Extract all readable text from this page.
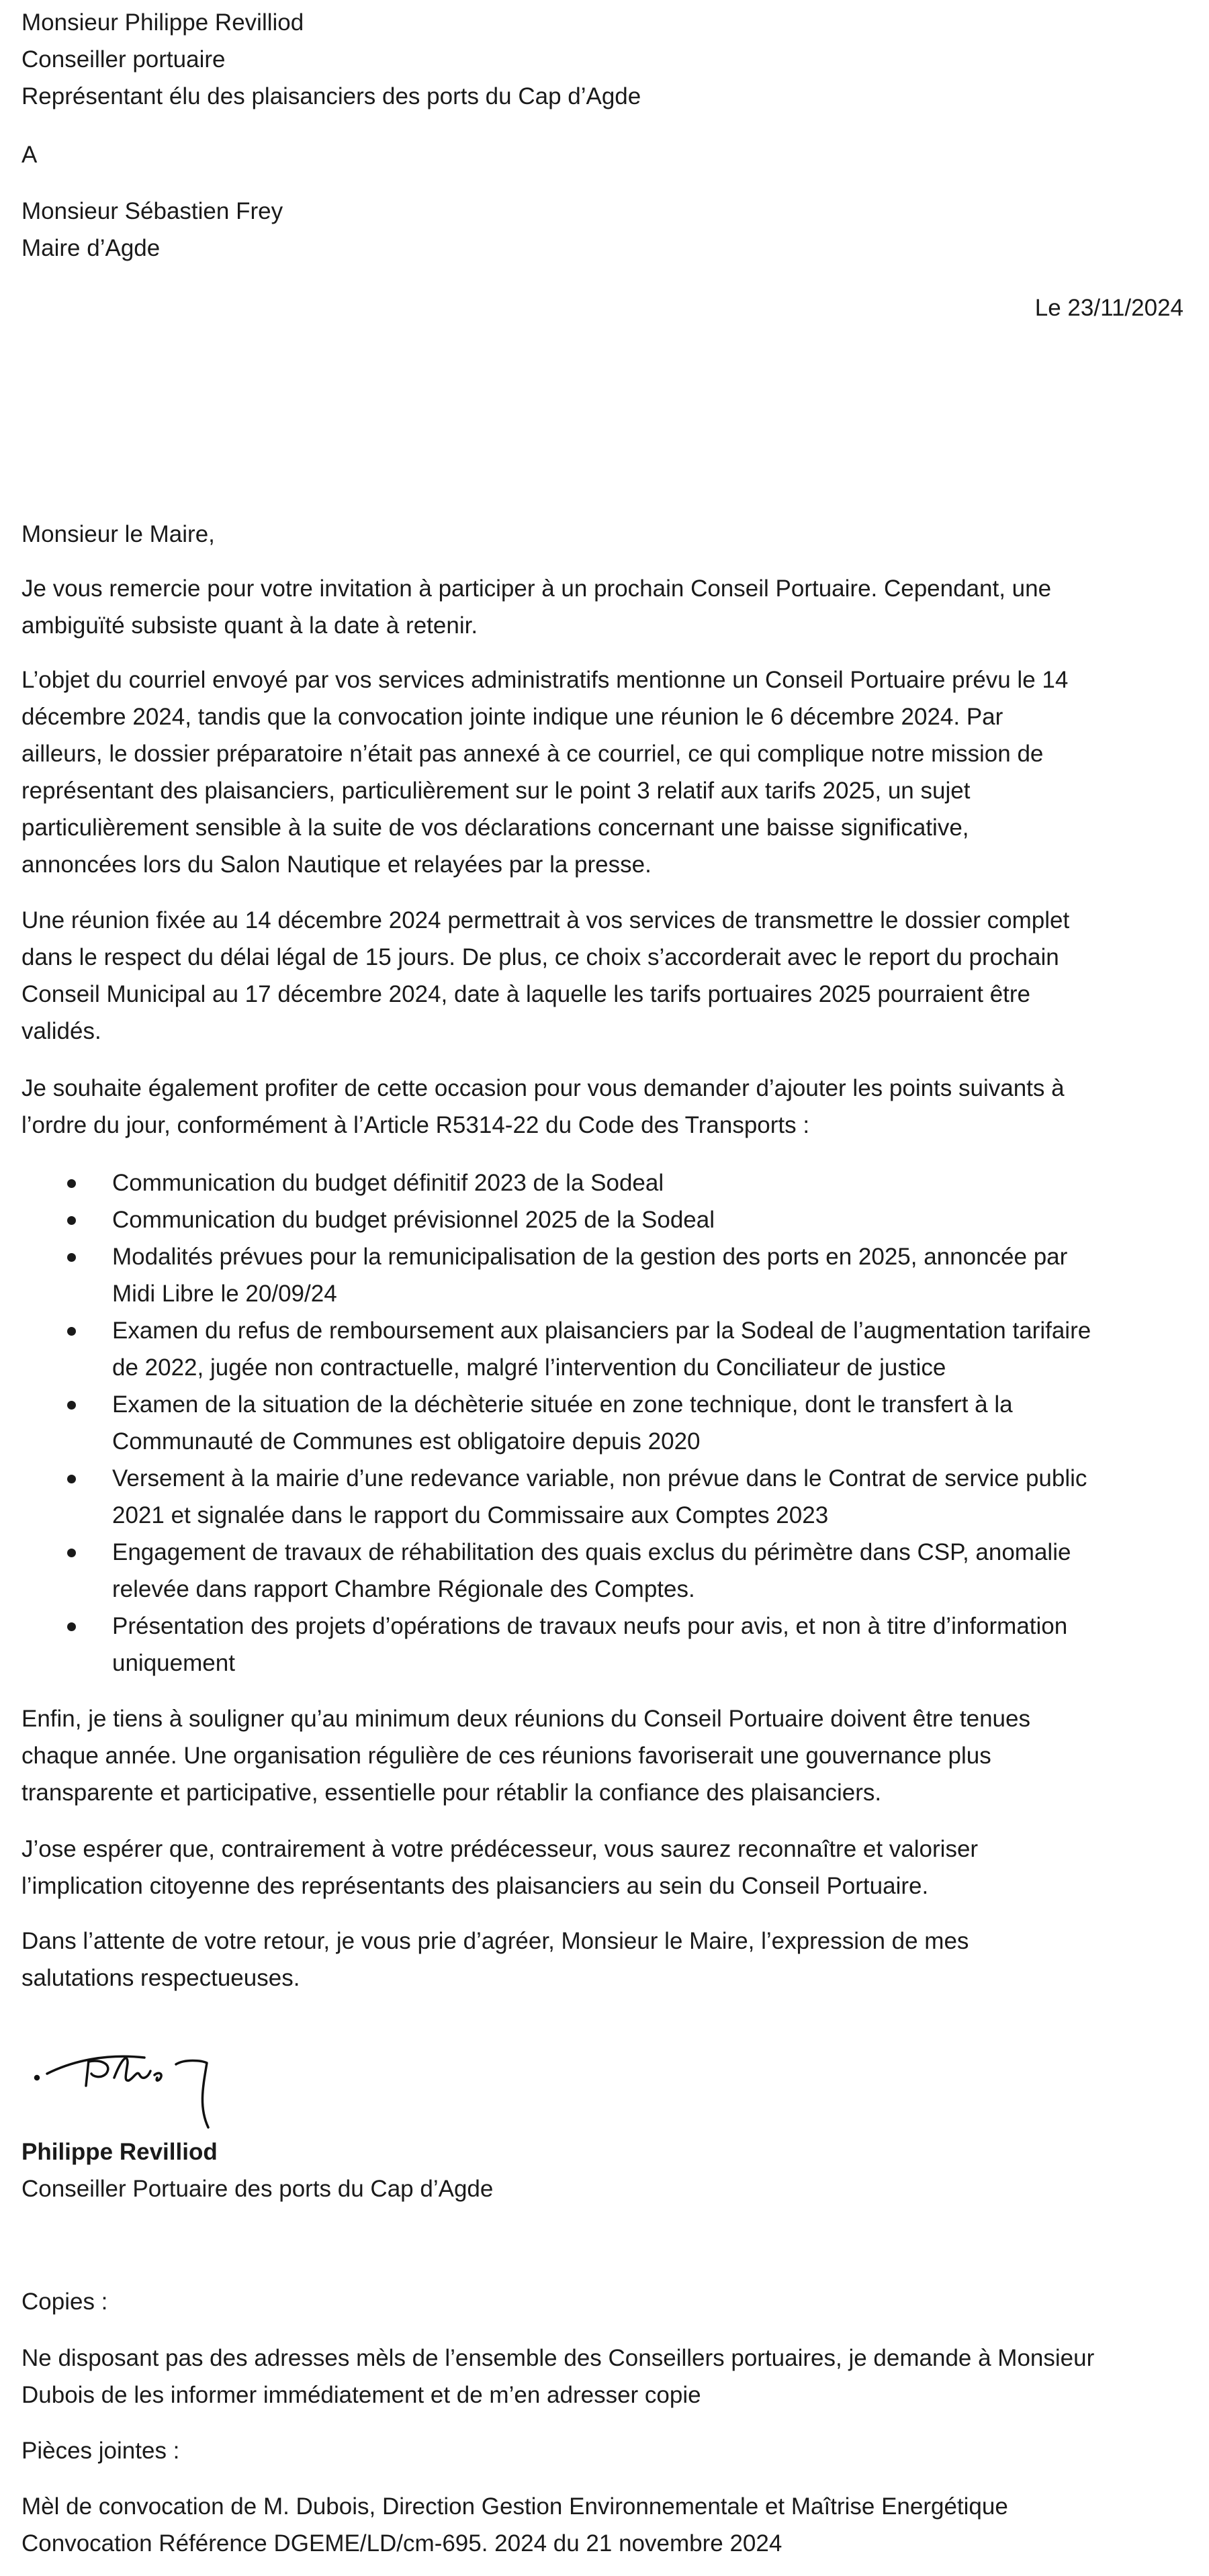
Monsieur Philippe Revilliod
Conseiller portuaire
Représentant élu des plaisanciers des ports du Cap d’Agde
A
Monsieur Sébastien Frey
Maire d’Agde
Le 23/11/2024
Monsieur le Maire,
Je vous remercie pour votre invitation à participer à un prochain Conseil Portuaire. Cependant, une
ambiguïté subsiste quant à la date à retenir.
L’objet du courriel envoyé par vos services administratifs mentionne un Conseil Portuaire prévu le 14
décembre 2024, tandis que la convocation jointe indique une réunion le 6 décembre 2024. Par
ailleurs, le dossier préparatoire n’était pas annexé à ce courriel, ce qui complique notre mission de
représentant des plaisanciers, particulièrement sur le point 3 relatif aux tarifs 2025, un sujet
particulièrement sensible à la suite de vos déclarations concernant une baisse significative,
annoncées lors du Salon Nautique et relayées par la presse.
Une réunion fixée au 14 décembre 2024 permettrait à vos services de transmettre le dossier complet
dans le respect du délai légal de 15 jours. De plus, ce choix s’accorderait avec le report du prochain
Conseil Municipal au 17 décembre 2024, date à laquelle les tarifs portuaires 2025 pourraient être
validés.
Je souhaite également profiter de cette occasion pour vous demander d’ajouter les points suivants à
l’ordre du jour, conformément à l’Article R5314-22 du Code des Transports :
Communication du budget définitif 2023 de la Sodeal
Communication du budget prévisionnel 2025 de la Sodeal
Modalités prévues pour la remunicipalisation de la gestion des ports en 2025, annoncée par
Midi Libre le 20/09/24
Examen du refus de remboursement aux plaisanciers par la Sodeal de l’augmentation tarifaire
de 2022, jugée non contractuelle, malgré l’intervention du Conciliateur de justice
Examen de la situation de la déchèterie située en zone technique, dont le transfert à la
Communauté de Communes est obligatoire depuis 2020
Versement à la mairie d’une redevance variable, non prévue dans le Contrat de service public
2021 et signalée dans le rapport du Commissaire aux Comptes 2023
Engagement de travaux de réhabilitation des quais exclus du périmètre dans CSP, anomalie
relevée dans rapport Chambre Régionale des Comptes.
Présentation des projets d’opérations de travaux neufs pour avis, et non à titre d’information
uniquement
Enfin, je tiens à souligner qu’au minimum deux réunions du Conseil Portuaire doivent être tenues
chaque année. Une organisation régulière de ces réunions favoriserait une gouvernance plus
transparente et participative, essentielle pour rétablir la confiance des plaisanciers.
J’ose espérer que, contrairement à votre prédécesseur, vous saurez reconnaître et valoriser
l’implication citoyenne des représentants des plaisanciers au sein du Conseil Portuaire.
Dans l’attente de votre retour, je vous prie d’agréer, Monsieur le Maire, l’expression de mes
salutations respectueuses.
Philippe Revilliod
Conseiller Portuaire des ports du Cap d’Agde
Copies :
Ne disposant pas des adresses mèls de l’ensemble des Conseillers portuaires, je demande à Monsieur
Dubois de les informer immédiatement et de m’en adresser copie
Pièces jointes :
Mèl de convocation de M. Dubois, Direction Gestion Environnementale et Maîtrise Energétique
Convocation Référence DGEME/LD/cm-695. 2024 du 21 novembre 2024
